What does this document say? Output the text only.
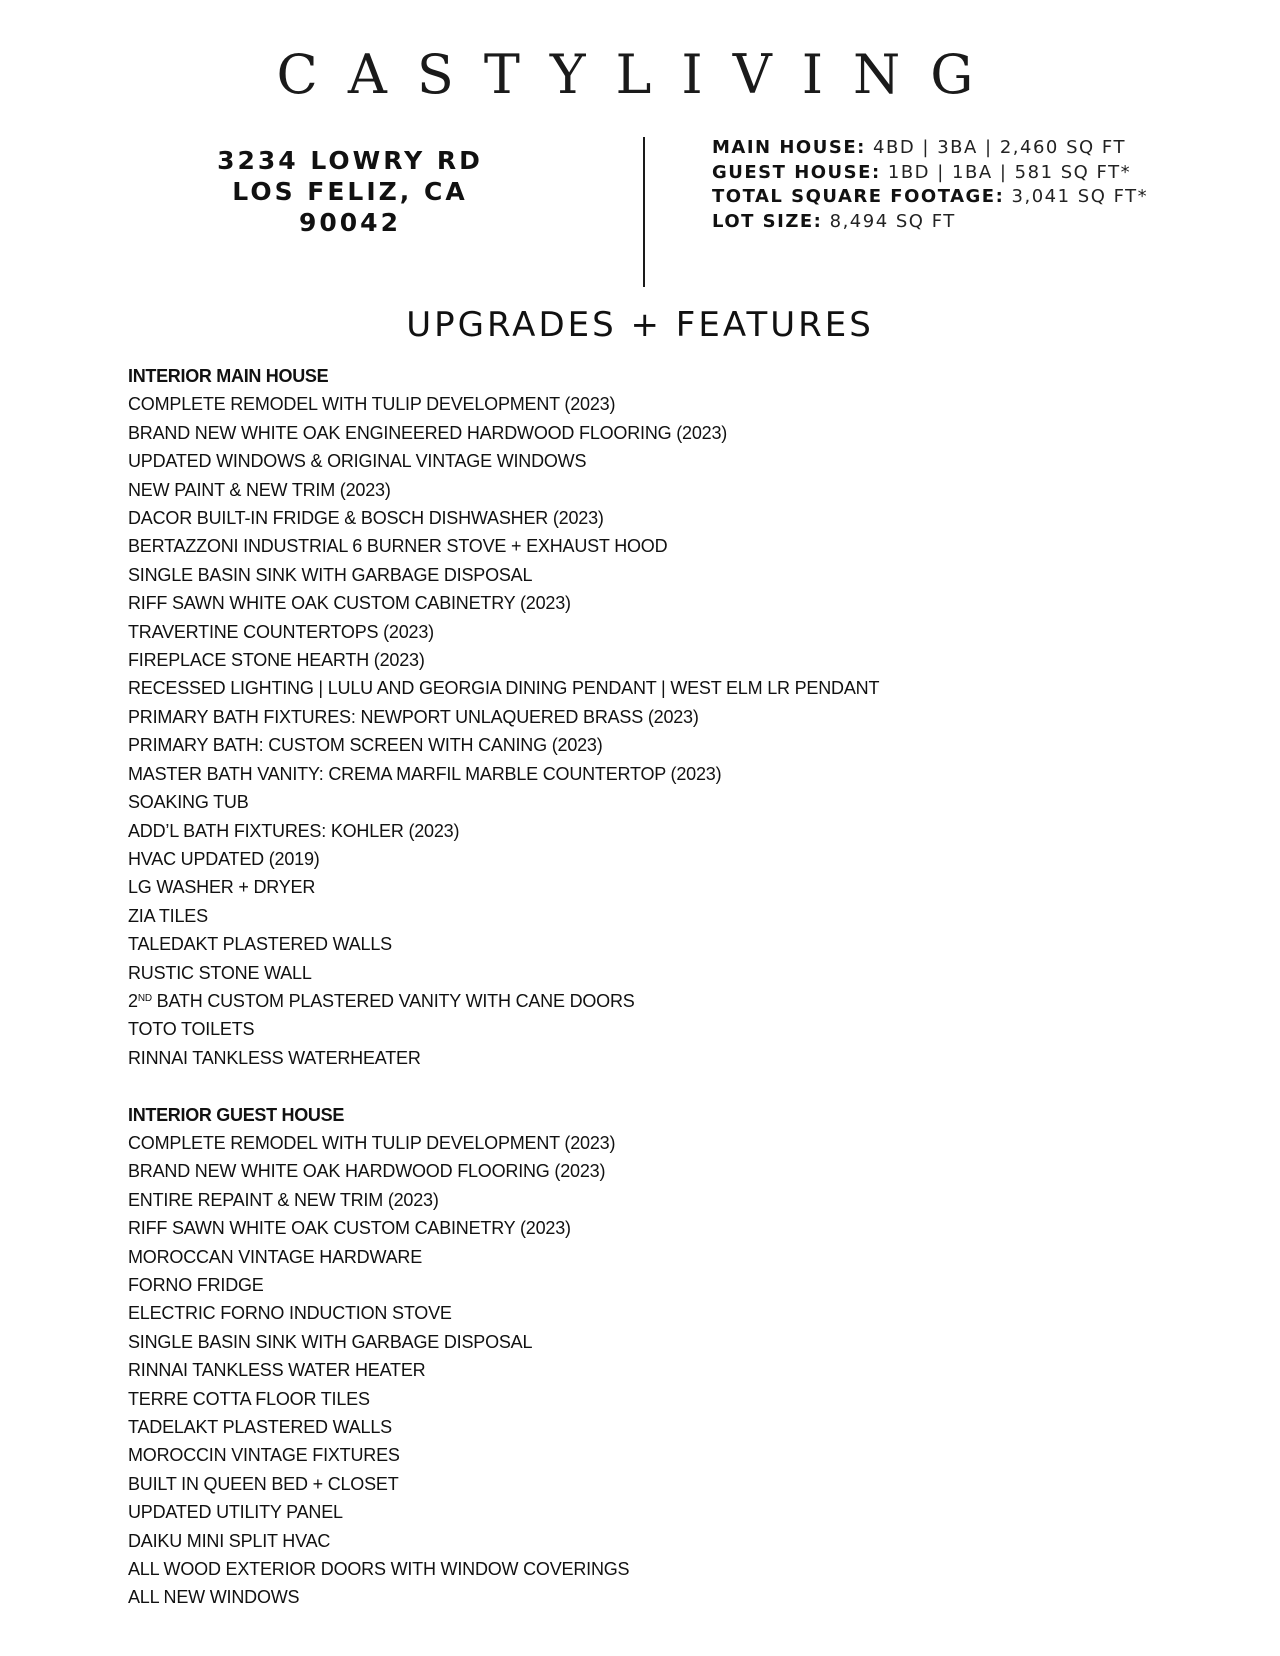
CASTYLIVING
3234 LOWRY RD
LOS FELIZ, CA 90042
MAIN HOUSE: 4BD | 3BA | 2,460 SQ FT
GUEST HOUSE: 1BD | 1BA | 581 SQ FT*
TOTAL SQUARE FOOTAGE: 3,041 SQ FT*
LOT SIZE: 8,494 SQ FT
UPGRADES + FEATURES
INTERIOR MAIN HOUSE
COMPLETE REMODEL WITH TULIP DEVELOPMENT (2023)
BRAND NEW WHITE OAK ENGINEERED HARDWOOD FLOORING (2023)
UPDATED WINDOWS & ORIGINAL VINTAGE WINDOWS
NEW PAINT & NEW TRIM (2023)
DACOR BUILT-IN FRIDGE & BOSCH DISHWASHER (2023)
BERTAZZONI INDUSTRIAL 6 BURNER STOVE + EXHAUST HOOD
SINGLE BASIN SINK WITH GARBAGE DISPOSAL
RIFF SAWN WHITE OAK CUSTOM CABINETRY (2023)
TRAVERTINE COUNTERTOPS (2023)
FIREPLACE STONE HEARTH (2023)
RECESSED LIGHTING | LULU AND GEORGIA DINING PENDANT | WEST ELM LR PENDANT
PRIMARY BATH FIXTURES: NEWPORT UNLAQUERED BRASS (2023)
PRIMARY BATH: CUSTOM SCREEN WITH CANING (2023)
MASTER BATH VANITY: CREMA MARFIL MARBLE COUNTERTOP (2023)
SOAKING TUB
ADD’L BATH FIXTURES: KOHLER (2023)
HVAC UPDATED (2019)
LG WASHER + DRYER
ZIA TILES
TALEDAKT PLASTERED WALLS
RUSTIC STONE WALL
2ND BATH CUSTOM PLASTERED VANITY WITH CANE DOORS
TOTO TOILETS
RINNAI TANKLESS WATERHEATER
INTERIOR GUEST HOUSE
COMPLETE REMODEL WITH TULIP DEVELOPMENT (2023)
BRAND NEW WHITE OAK HARDWOOD FLOORING (2023)
ENTIRE REPAINT & NEW TRIM (2023)
RIFF SAWN WHITE OAK CUSTOM CABINETRY (2023)
MOROCCAN VINTAGE HARDWARE
FORNO FRIDGE
ELECTRIC FORNO INDUCTION STOVE
SINGLE BASIN SINK WITH GARBAGE DISPOSAL
RINNAI TANKLESS WATER HEATER
TERRE COTTA FLOOR TILES
TADELAKT PLASTERED WALLS
MOROCCIN VINTAGE FIXTURES
BUILT IN QUEEN BED + CLOSET
UPDATED UTILITY PANEL
DAIKU MINI SPLIT HVAC
ALL WOOD EXTERIOR DOORS WITH WINDOW COVERINGS
ALL NEW WINDOWS
